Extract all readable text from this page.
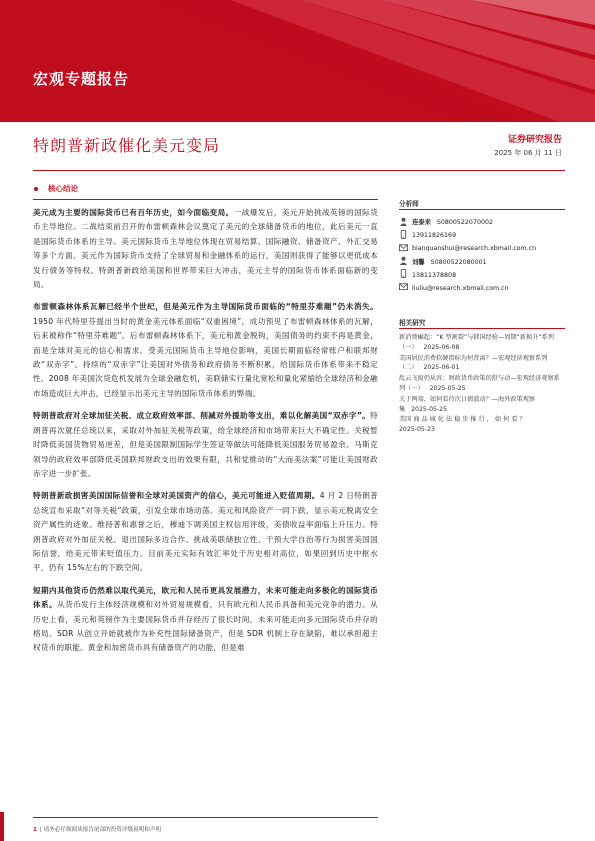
宏观专题报告
特朗普新政催化美元变局	证券研究报告
2025 年 06 月 11 日
核心结论

美元成为主要的国际货币已有百年历史，如今面临变局。一战爆发后，美元开始挑战英镑的国际货币主导地位。二战结束前召开的布雷顿森林会议奠定了美元的全球储备货币的地位，此后美元一直是国际货币体系的主导。美元国际货币主导地位体现在贸易结算、国际融资、储备资产、外汇交易等多个方面。美元作为国际货币支持了全球贸易和金融体系的运行，美国则获得了能够以更低成本发行债务等特权。特朗普新政给美国和世界带来巨大冲击，美元主导的国际货币体系面临新的变局。

布雷顿森林体系瓦解已经半个世纪，但是美元作为主导国际货币面临的“特里芬难题”仍未消失。1950 年代特里芬提出当时的黄金美元体系面临“双重困境”，成功预见了布雷顿森林体系的瓦解，后来被称作“特里芬难题”。后布雷顿森林体系下，美元和黄金脱钩，美国债务的约束不再是黄金，而是全球对美元的信心和需求。受美元国际货币主导地位影响，美国长期面临经常账户和联邦财政“双赤字”。持续的“双赤字”让美国对外债务和政府债务不断积累，给国际货币体系带来不稳定性。2008 年美国次贷危机发展为全球金融危机，美联储实行量化宽松和量化紧缩给全球经济和金融市场造成巨大冲击，已经显示出美元主导的国际货币体系的弊端。

特朗普政府对全球加征关税、成立政府效率部、削减对外援助等支出，难以化解美国“双赤字”。特朗普再次就任总统以来，采取对外加征关税等政策，给全球经济和市场带来巨大不确定性。关税暂时降低美国货物贸易逆差，但是美国限制国际学生签证等做法可能降低美国服务贸易盈余。马斯克领导的政府效率部降低美国联邦财政支出的效果有限，共和党推动的“大而美法案”可能让美国财政赤字进一步扩张。

特朗普新政损害美国国际信誉和全球对美国资产的信心，美元可能进入贬值周期。4 月 2 日特朗普总统宣布采取“对等关税”政策，引发全球市场动荡。美元和风险资产一同下跌，显示美元脱离安全资产属性的迹象。维持普和惠誉之后，穆迪下调美国主权信用评级，美债收益率面临上升压力。特朗普政府对外加征关税、退出国际多边合作、挑战美联储独立性、干预大学自治等行为损害美国国际信誉，给美元带来贬值压力。目前美元实际有效汇率处于历史相对高位，如果回到历史中枢水平，仍有 15%左右的下跌空间。

短期内其他货币仍然难以取代美元，欧元和人民币更具发展潜力，未来可能走向多极化的国际货币体系。从货币发行主体经济规模和对外贸易规模看，只有欧元和人民币具备和美元竞争的潜力。从历史上看，美元和英镑作为主要国际货币并存经历了很长时间，未来可能走向多元国际货币并存的格局。SDR 从创立开始就被作为补充性国际储备资产，但是 SDR 机制上存在缺陷，难以承担超主权货币的职能。黄金和加密货币具有储备资产的功能，但是难

分析师
连泰来 S0800522070002
13911826169
bianquanshui@research.xbmail.com.cn
刘馨 S0800522080001
13811378808
liuliu@research.xbmail.com.cn
相关研究
新消费崛起：“K 型割裂”与韩国经验—周期“新换升”系列（一） 2025-06-08
美国居民消费软硬指标为何背离？—宏观经济观察系列（二） 2025-06-01
乱云飞渡仍从容：财政货币政策的舒与动—宏观经济观察系列（一） 2025-05-25
关于两端，如何看待次日债波动？—海外政策观察集 2025-05-25
美国 商 品 城 化 法 稳 步 推 行 ， 如 何 看 ？
2025-05-23
1 | 请务必仔细阅读报告尾部的投资评级说明和声明
